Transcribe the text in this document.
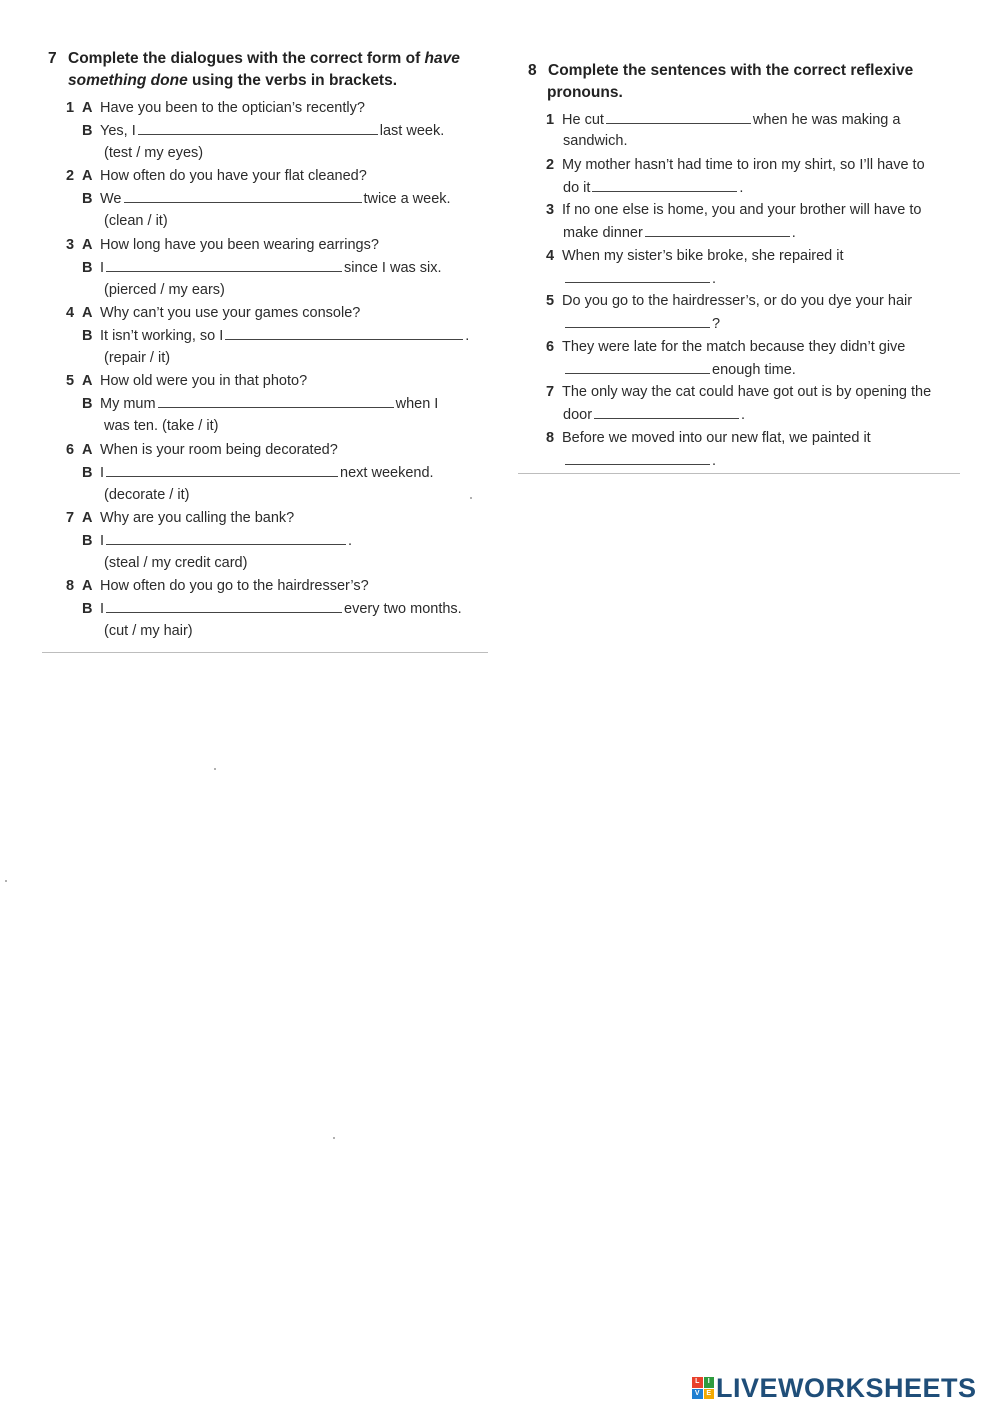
7 Complete the dialogues with the correct form of have
something done using the verbs in brackets.
1 A Have you been to the optician’s recently?
B Yes, I	last week.
(test / my eyes)
2 A How often do you have your flat cleaned?
B We	twice a week.
(clean / it)
3 A How long have you been wearing earrings?
B I	since I was six.
(pierced / my ears)
4 A Why can’t you use your games console?
B It isn’t working, so I	.
(repair / it)
5 A How old were you in that photo?
B My mum	when I
was ten. (take / it)
6 A When is your room being decorated?
B I	next weekend.
(decorate / it)
7 A Why are you calling the bank?
B I	.
(steal / my credit card)
8 A How often do you go to the hairdresser’s?
B I	every two months.
(cut / my hair)
8 Complete the sentences with the correct reflexive
pronouns.
1 He cut	when he was making a
sandwich.
2 My mother hasn’t had time to iron my shirt, so I’ll have to
do it	.
3 If no one else is home, you and your brother will have to
make dinner	.
4 When my sister’s bike broke, she repaired it
.
5 Do you go to the hairdresser’s, or do you dye your hair
?
6 They were late for the match because they didn’t give
enough time.
7 The only way the cat could have got out is by opening the
door	.
8 Before we moved into our new flat, we painted it
.
L	I
V E LIVEWORKSHEETS
